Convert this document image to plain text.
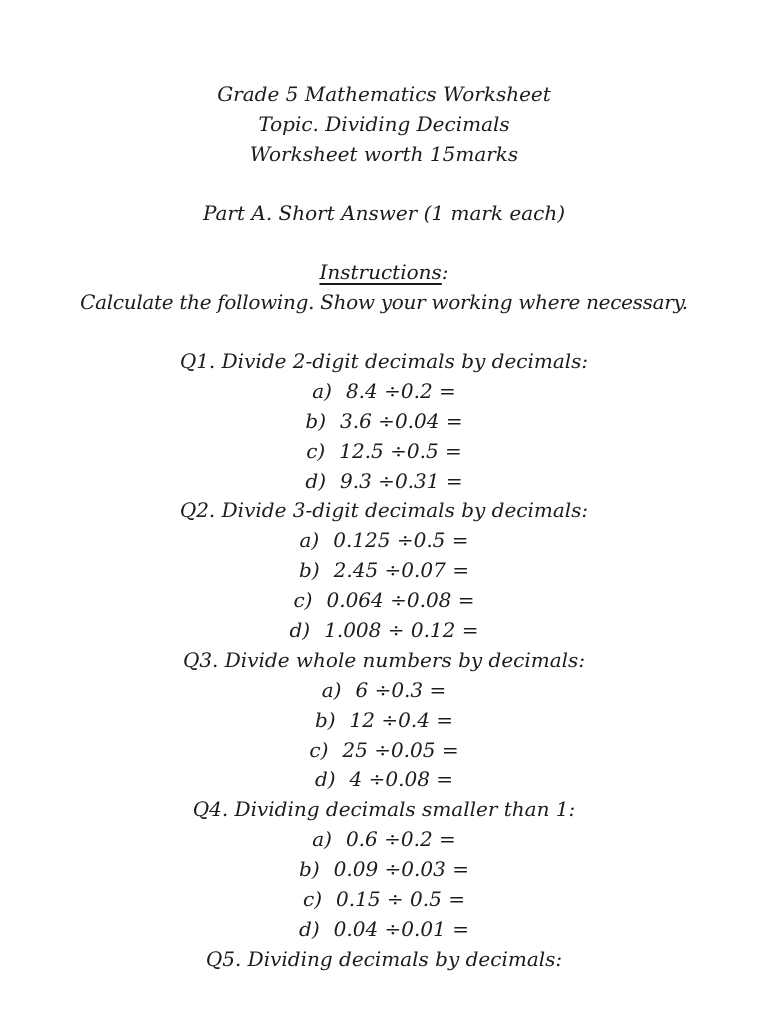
Grade 5 Mathematics Worksheet
Topic. Dividing Decimals
Worksheet worth 15marks
Part A. Short Answer (1 mark each)
Instructions:
Calculate the following. Show your working where necessary.
Q1. Divide 2-digit decimals by decimals:
a) 8.4 ÷0.2 =
b) 3.6 ÷0.04 =
c) 12.5 ÷0.5 =
d) 9.3 ÷0.31 =
Q2. Divide 3-digit decimals by decimals:
a) 0.125 ÷0.5 =
b) 2.45 ÷0.07 =
c) 0.064 ÷0.08 =
d) 1.008 ÷ 0.12 =
Q3. Divide whole numbers by decimals:
a) 6 ÷0.3 =
b) 12 ÷0.4 =
c) 25 ÷0.05 =
d) 4 ÷0.08 =
Q4. Dividing decimals smaller than 1:
a) 0.6 ÷0.2 =
b) 0.09 ÷0.03 =
c) 0.15 ÷ 0.5 =
d) 0.04 ÷0.01 =
Q5. Dividing decimals by decimals:
